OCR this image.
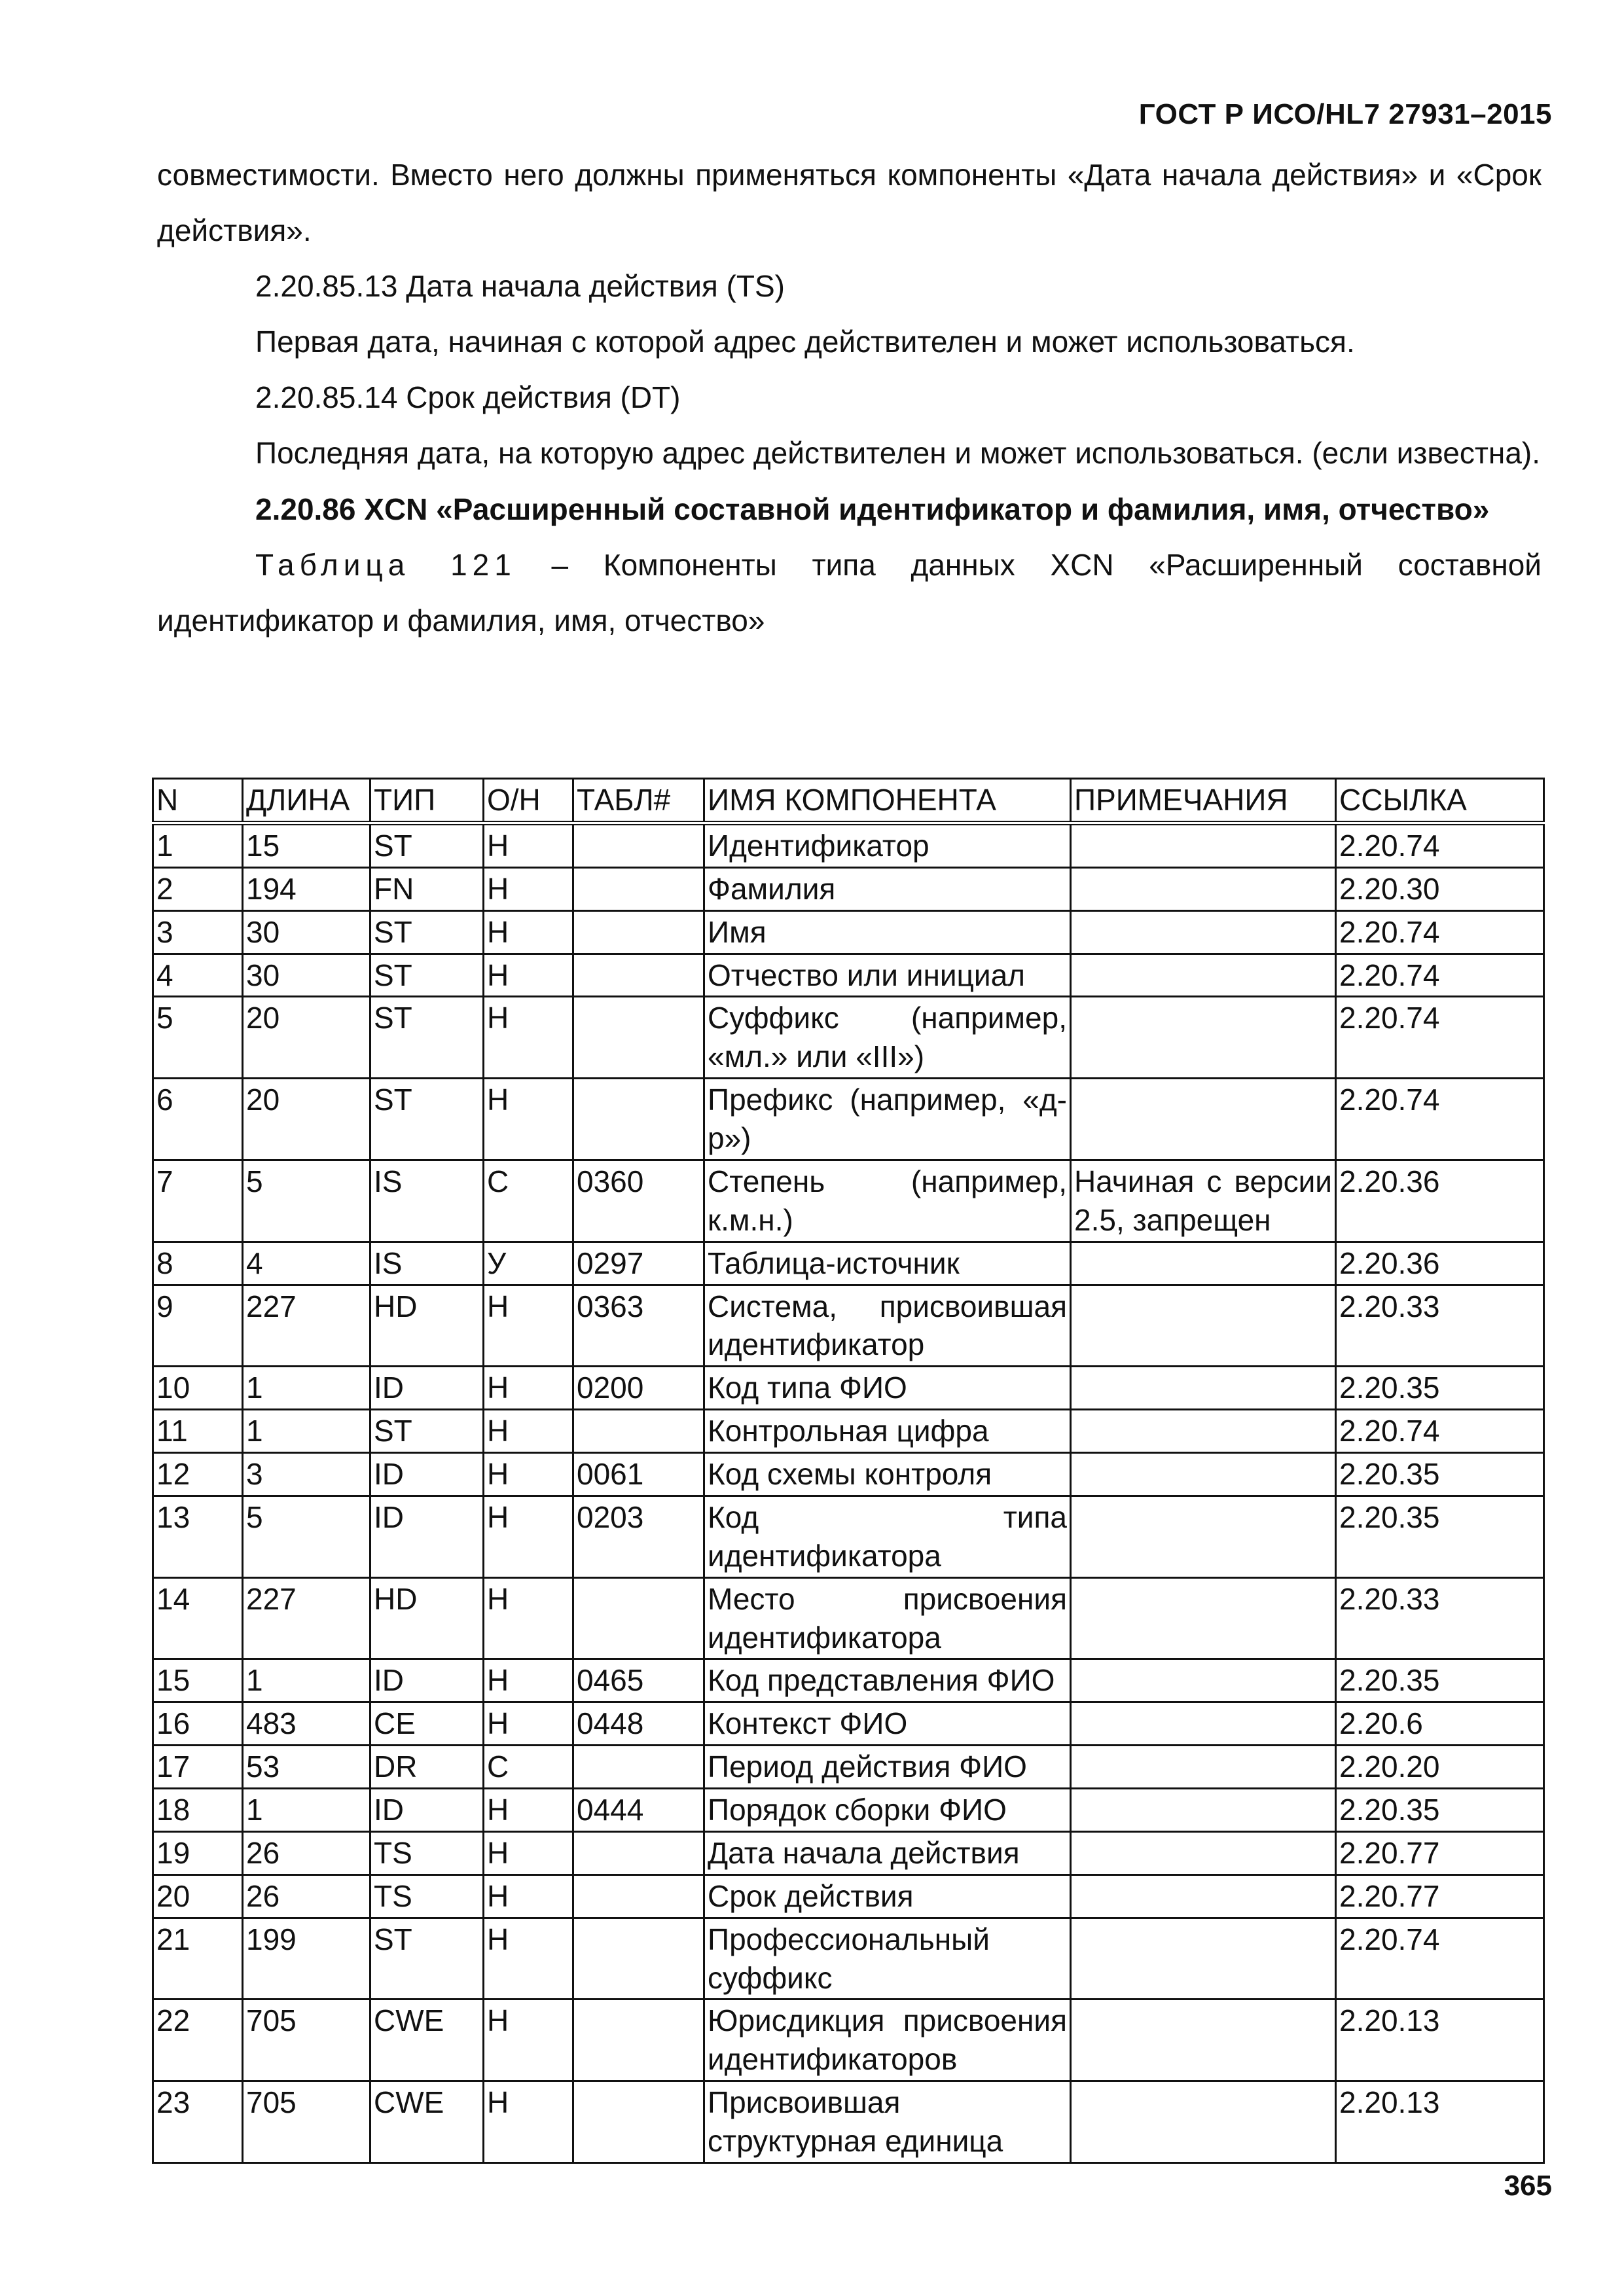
ГОСТ Р ИСО/HL7 27931–2015

совместимости. Вместо него должны применяться компоненты «Дата начала действия» и «Срок действия».

2.20.85.13 Дата начала действия (TS)

Первая дата, начиная с которой адрес действителен и может использоваться.

2.20.85.14 Срок действия (DT)

Последняя дата, на которую адрес действителен и может использоваться. (если известна).

2.20.86 XCN «Расширенный составной идентификатор и фамилия, имя, отчество»

Таблица 121 – Компоненты типа данных XCN «Расширенный составной идентификатор и фамилия, имя, отчество»

N	ДЛИНА	ТИП	О/Н	ТАБЛ#	ИМЯ КОМПОНЕНТА	ПРИМЕЧАНИЯ	ССЫЛКА
1	15	ST	Н		Идентификатор		2.20.74
2	194	FN	Н		Фамилия		2.20.30
3	30	ST	Н		Имя		2.20.74
4	30	ST	Н		Отчество или инициал		2.20.74
5	20	ST	Н		Суффикс (например, «мл.» или «III»)		2.20.74
6	20	ST	Н		Префикс (например, «д-р»)		2.20.74
7	5	IS	С	0360	Степень (например, к.м.н.)	Начиная с версии 2.5, запрещен	2.20.36
8	4	IS	У	0297	Таблица-источник		2.20.36
9	227	HD	Н	0363	Система, присвоившая идентификатор		2.20.33
10	1	ID	Н	0200	Код типа ФИО		2.20.35
11	1	ST	Н		Контрольная цифра		2.20.74
12	3	ID	Н	0061	Код схемы контроля		2.20.35
13	5	ID	Н	0203	Код типа идентификатора		2.20.35
14	227	HD	Н		Место присвоения идентификатора		2.20.33
15	1	ID	Н	0465	Код представления ФИО		2.20.35
16	483	CE	Н	0448	Контекст ФИО		2.20.6
17	53	DR	С		Период действия ФИО		2.20.20
18	1	ID	Н	0444	Порядок сборки ФИО		2.20.35
19	26	TS	Н		Дата начала действия		2.20.77
20	26	TS	Н		Срок действия		2.20.77
21	199	ST	Н		Профессиональный суффикс		2.20.74
22	705	CWE	Н		Юрисдикция присвоения идентификаторов		2.20.13
23	705	CWE	Н		Присвоившая структурная единица		2.20.13
365
